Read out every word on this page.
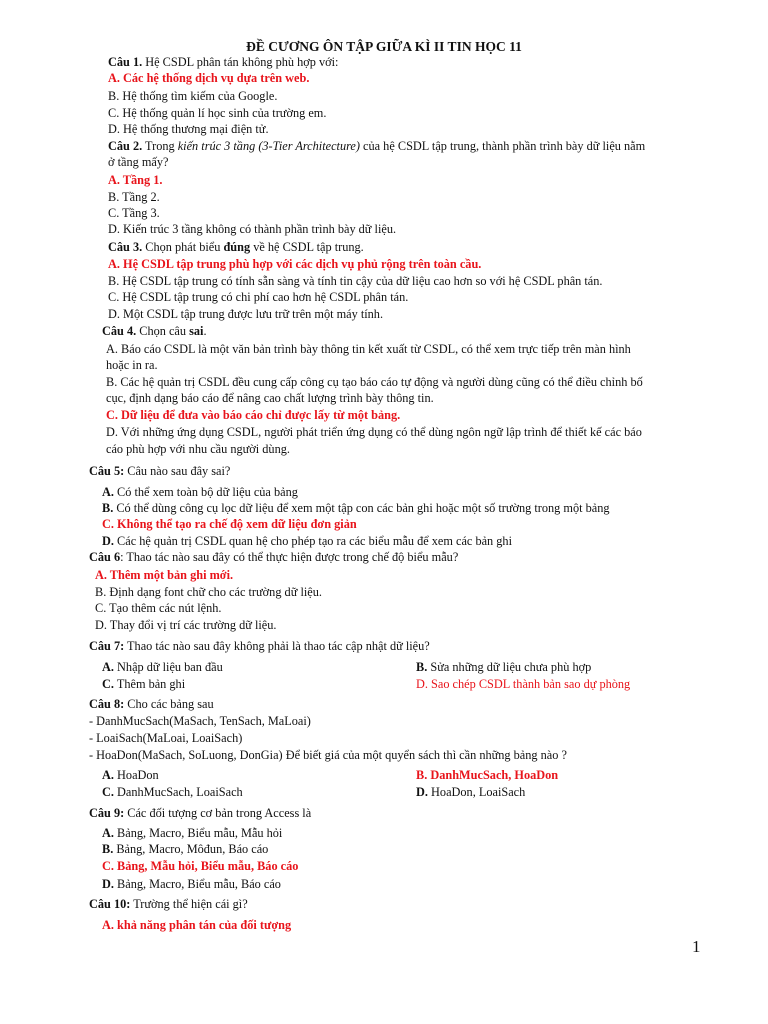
ĐỀ CƯƠNG ÔN TẬP GIỮA KÌ II TIN HỌC 11
Câu 1. Hệ CSDL phân tán không phù hợp với:
A. Các hệ thống dịch vụ dựa trên web.
B. Hệ thống tìm kiếm của Google.
C. Hệ thống quản lí học sinh của trường em.
D. Hệ thống thương mại điện tử.
Câu 2. Trong kiến trúc 3 tầng (3-Tier Architecture) của hệ CSDL tập trung, thành phần trình bày dữ liệu nằm
ở tầng mấy?
A. Tầng 1.
B. Tầng 2.
C. Tầng 3.
D. Kiến trúc 3 tầng không có thành phần trình bày dữ liệu.
Câu 3. Chọn phát biểu đúng về hệ CSDL tập trung.
A. Hệ CSDL tập trung phù hợp với các dịch vụ phủ rộng trên toàn cầu.
B. Hệ CSDL tập trung có tính sẵn sàng và tính tin cậy của dữ liệu cao hơn so với hệ CSDL phân tán.
C. Hệ CSDL tập trung có chi phí cao hơn hệ CSDL phân tán.
D. Một CSDL tập trung được lưu trữ trên một máy tính.
Câu 4. Chọn câu sai.
A. Báo cáo CSDL là một văn bản trình bày thông tin kết xuất từ CSDL, có thể xem trực tiếp trên màn hình
hoặc in ra.
B. Các hệ quản trị CSDL đều cung cấp công cụ tạo báo cáo tự động và người dùng cũng có thể điều chỉnh bố
cục, định dạng báo cáo để nâng cao chất lượng trình bày thông tin.
C. Dữ liệu để đưa vào báo cáo chỉ được lấy từ một bảng.
D. Với những ứng dụng CSDL, người phát triển ứng dụng có thể dùng ngôn ngữ lập trình để thiết kế các báo
cáo phù hợp với nhu cầu người dùng.
Câu 5: Câu nào sau đây sai?
A. Có thể xem toàn bộ dữ liệu của bảng
B. Có thể dùng công cụ lọc dữ liệu để xem một tập con các bản ghi hoặc một số trường trong một bảng
C. Không thể tạo ra chế độ xem dữ liệu đơn giản
D. Các hệ quản trị CSDL quan hệ cho phép tạo ra các biểu mẫu để xem các bản ghi
Câu 6: Thao tác nào sau đây có thể thực hiện được trong chế độ biểu mẫu?
A. Thêm một bản ghi mới.
B. Định dạng font chữ cho các trường dữ liệu.
C. Tạo thêm các nút lệnh.
D. Thay đổi vị trí các trường dữ liệu.
Câu 7: Thao tác nào sau đây không phải là thao tác cập nhật dữ liệu?
A. Nhập dữ liệu ban đầu	B. Sửa những dữ liệu chưa phù hợp
C. Thêm bản ghi	D. Sao chép CSDL thành bản sao dự phòng
Câu 8: Cho các bảng sau
- DanhMucSach(MaSach, TenSach, MaLoai)
- LoaiSach(MaLoai, LoaiSach)
- HoaDon(MaSach, SoLuong, DonGia) Để biết giá của một quyển sách thì cần những bảng nào ?
A. HoaDon	B. DanhMucSach, HoaDon
C. DanhMucSach, LoaiSach	D. HoaDon, LoaiSach
Câu 9: Các đối tượng cơ bản trong Access là
A. Bảng, Macro, Biểu mẫu, Mẫu hỏi
B. Bảng, Macro, Môđun, Báo cáo
C. Bảng, Mẫu hỏi, Biểu mẫu, Báo cáo
D. Bảng, Macro, Biểu mẫu, Báo cáo
Câu 10: Trường thể hiện cái gì?
A. khả năng phân tán của đối tượng
1
